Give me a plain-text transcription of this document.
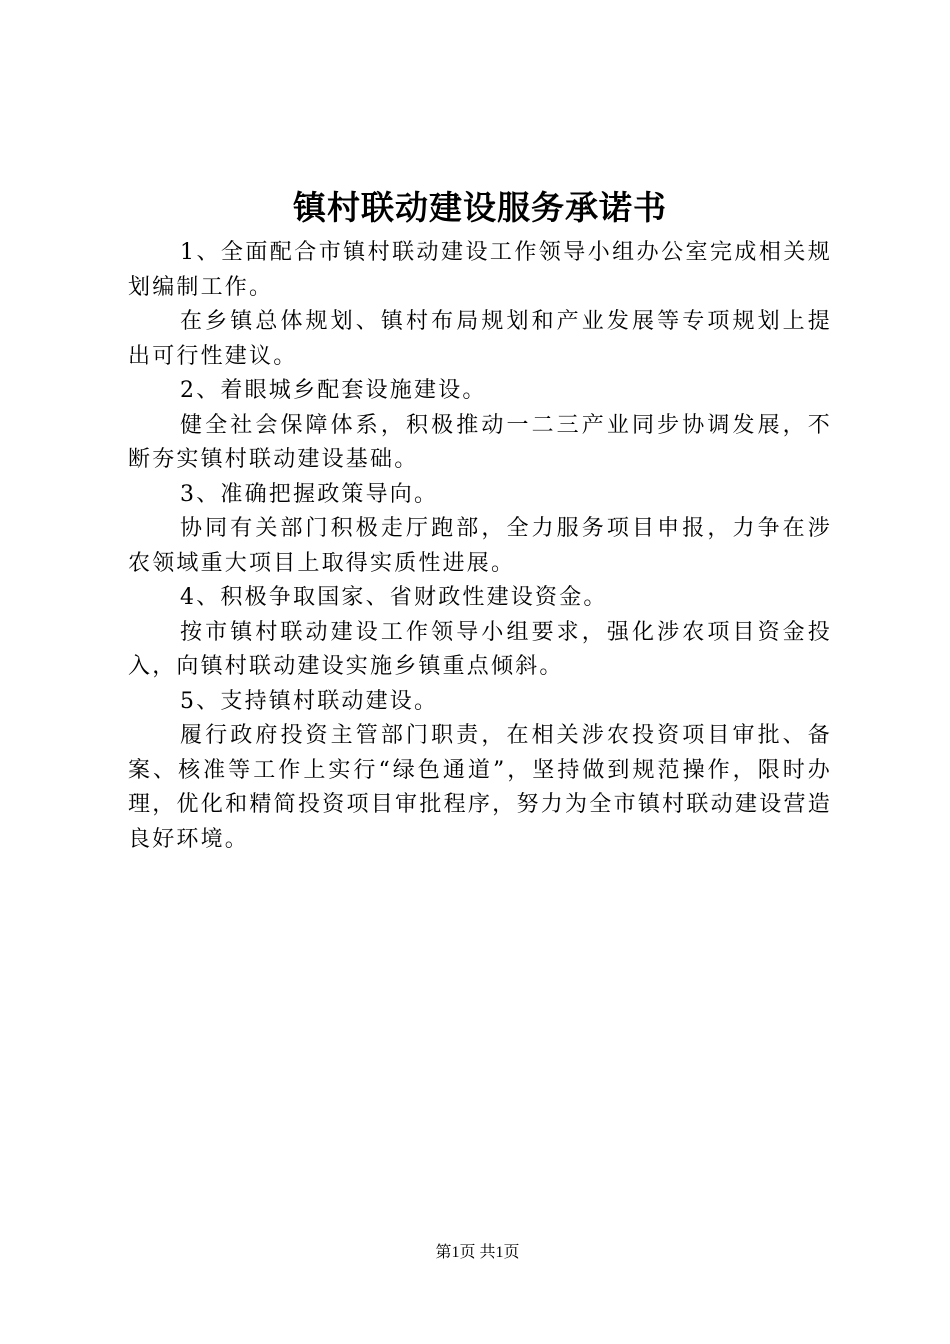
镇村联动建设服务承诺书

1、全面配合市镇村联动建设工作领导小组办公室完成相关规划编制工作。

在乡镇总体规划、镇村布局规划和产业发展等专项规划上提出可行性建议。

2、着眼城乡配套设施建设。

健全社会保障体系，积极推动一二三产业同步协调发展，不断夯实镇村联动建设基础。

3、准确把握政策导向。

协同有关部门积极走厅跑部，全力服务项目申报，力争在涉农领域重大项目上取得实质性进展。

4、积极争取国家、省财政性建设资金。

按市镇村联动建设工作领导小组要求，强化涉农项目资金投入，向镇村联动建设实施乡镇重点倾斜。

5、支持镇村联动建设。

履行政府投资主管部门职责，在相关涉农投资项目审批、备案、核准等工作上实行“绿色通道”，坚持做到规范操作，限时办理，优化和精简投资项目审批程序，努力为全市镇村联动建设营造良好环境。

第1页 共1页
